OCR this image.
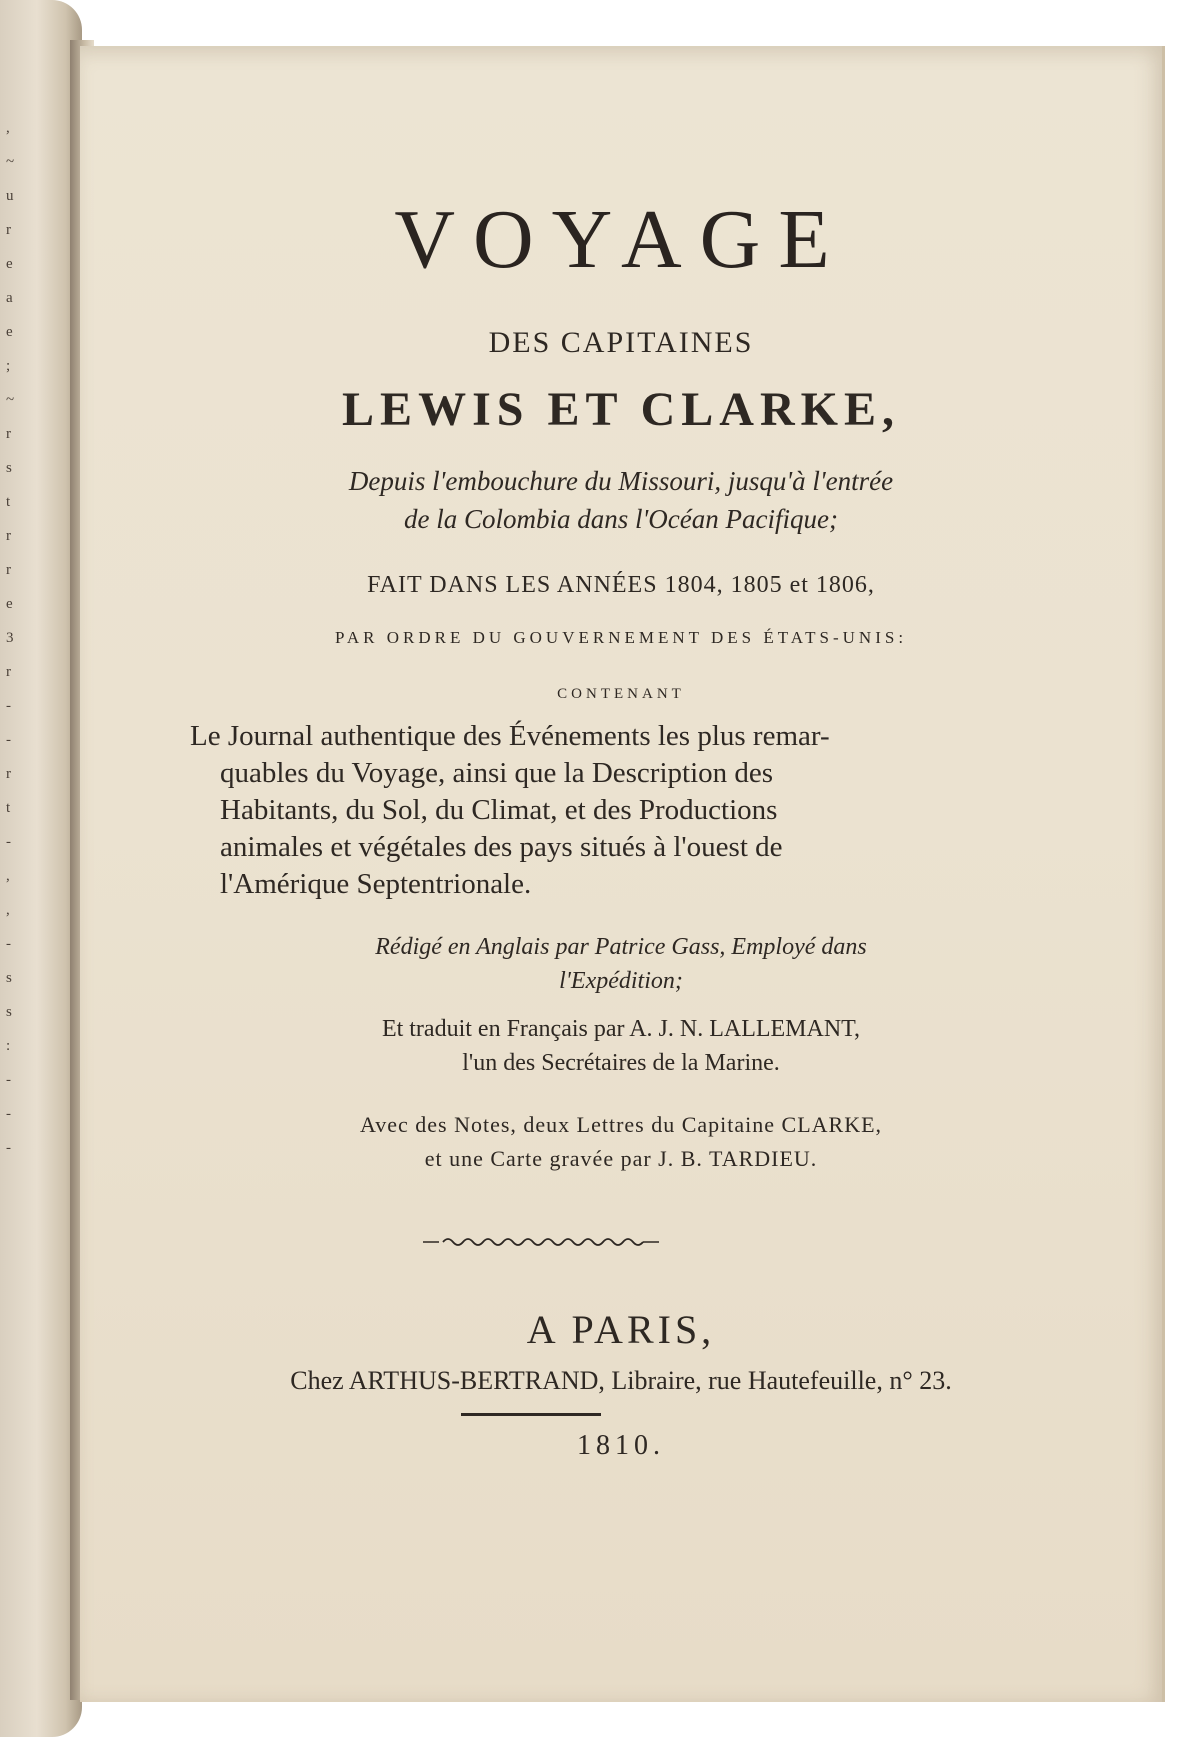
,
~
u
r
e
a
e
;
~
r
s
t
r
r
e
3
r
-
-
r
t
-
,
,
-
s
s
:
-
-
-
VOYAGE
DES CAPITAINES
LEWIS ET CLARKE,
Depuis l'embouchure du Missouri, jusqu'à l'entrée
de la Colombia dans l'Océan Pacifique;
FAIT DANS LES ANNÉES 1804, 1805 et 1806,
PAR ORDRE DU GOUVERNEMENT DES ÉTATS-UNIS:
CONTENANT
Le Journal authentique des Événements les plus remar-
quables du Voyage, ainsi que la Description des
Habitants, du Sol, du Climat, et des Productions
animales et végétales des pays situés à l'ouest de
l'Amérique Septentrionale.
Rédigé en Anglais par Patrice Gass, Employé dans
l'Expédition;
Et traduit en Français par A. J. N. LALLEMANT,
l'un des Secrétaires de la Marine.
Avec des Notes, deux Lettres du Capitaine CLARKE,
et une Carte gravée par J. B. TARDIEU.
A PARIS,
Chez ARTHUS-BERTRAND, Libraire, rue Hautefeuille, n° 23.
1810.
